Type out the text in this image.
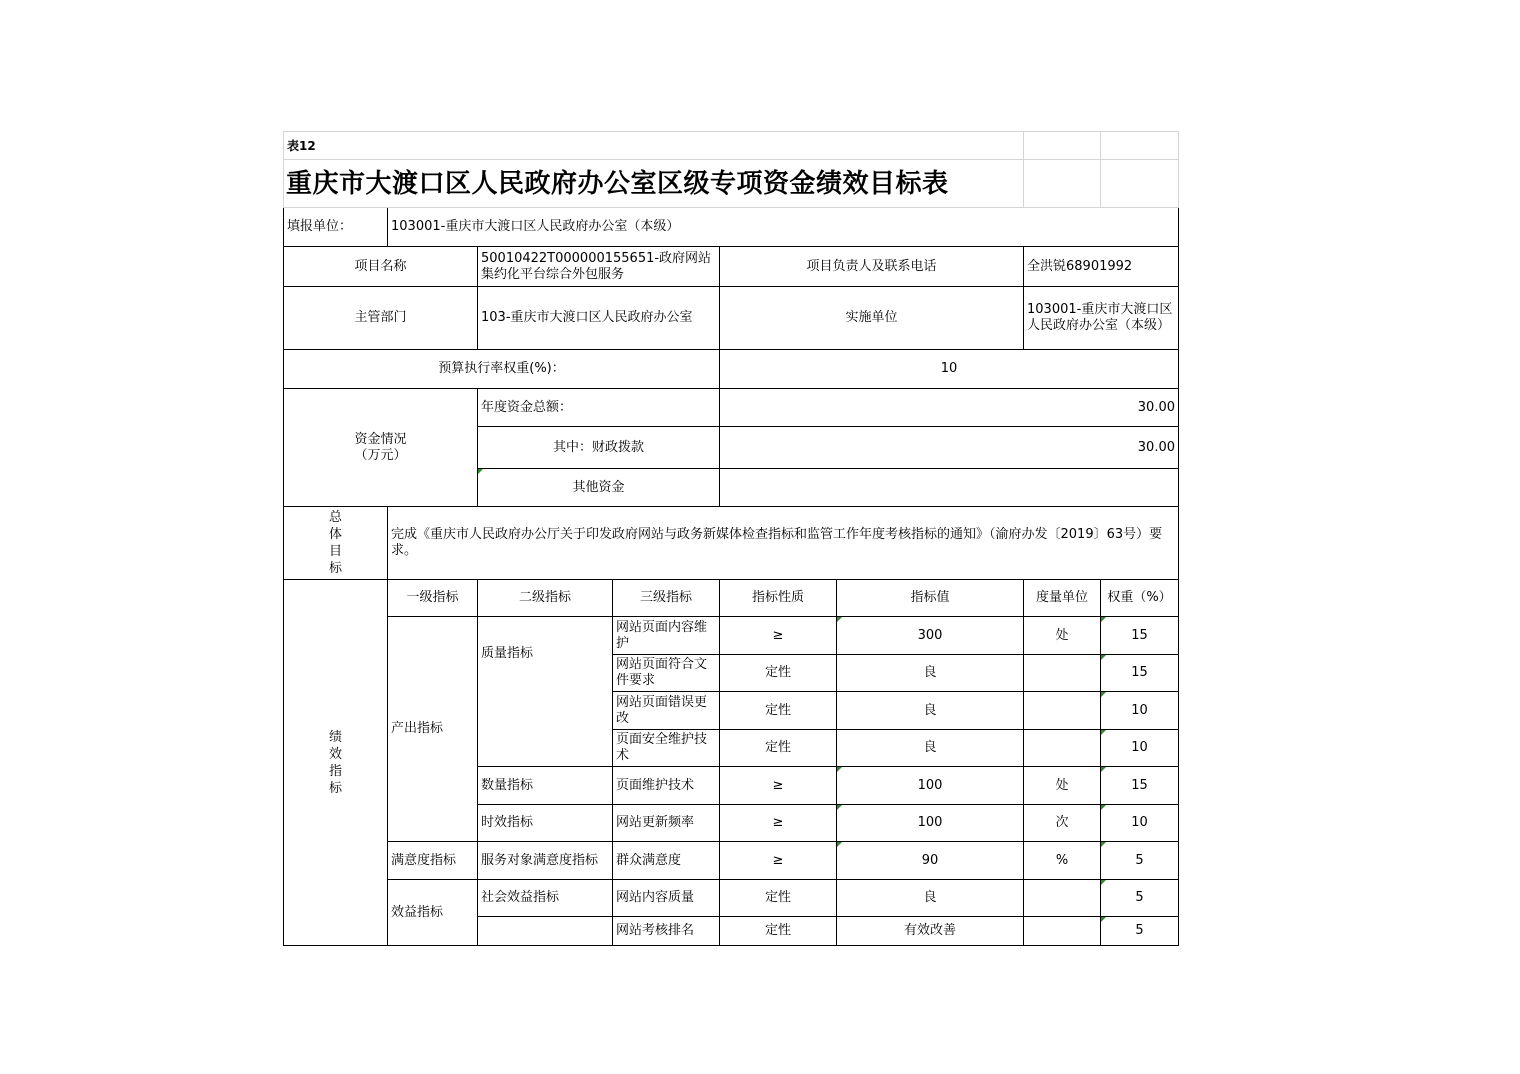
表12							
重庆市大渡口区人民政府办公室区级专项资金绩效目标表							
填报单位：	103001-重庆市大渡口区人民政府办公室（本级）						
项目名称		50010422T000000155651-政府网站集约化平台综合外包服务		项目负责人及联系电话		全洪锐68901992	
主管部门		103-重庆市大渡口区人民政府办公室		实施单位		103001-重庆市大渡口区人民政府办公室（本级）	
预算执行率权重(%)：				10			

资金情况
（万元）		年度资金总额：		30.00			
		其中：财政拨款		30.00			
		其他资金					

总体目标	完成《重庆市人民政府办公厅关于印发政府网站与政务新媒体检查指标和监管工作年度考核指标的通知》（渝府办发〔2019〕63号）要求。						

绩效指标	一级指标	二级指标	三级指标	指标性质	指标值	度量单位	权重（%）
	产出指标	质量指标	网站页面内容维护	≥	300	处	15
			网站页面符合文件要求	定性	良		15
			网站页面错误更改	定性	良		10
			页面安全维护技术	定性	良		10
		数量指标	页面维护技术	≥	100	处	15
		时效指标	网站更新频率	≥	100	次	10
	满意度指标	服务对象满意度指标	群众满意度	≥	90	%	5
	效益指标	社会效益指标	网站内容质量	定性	良		5
			网站考核排名	定性	有效改善		5
